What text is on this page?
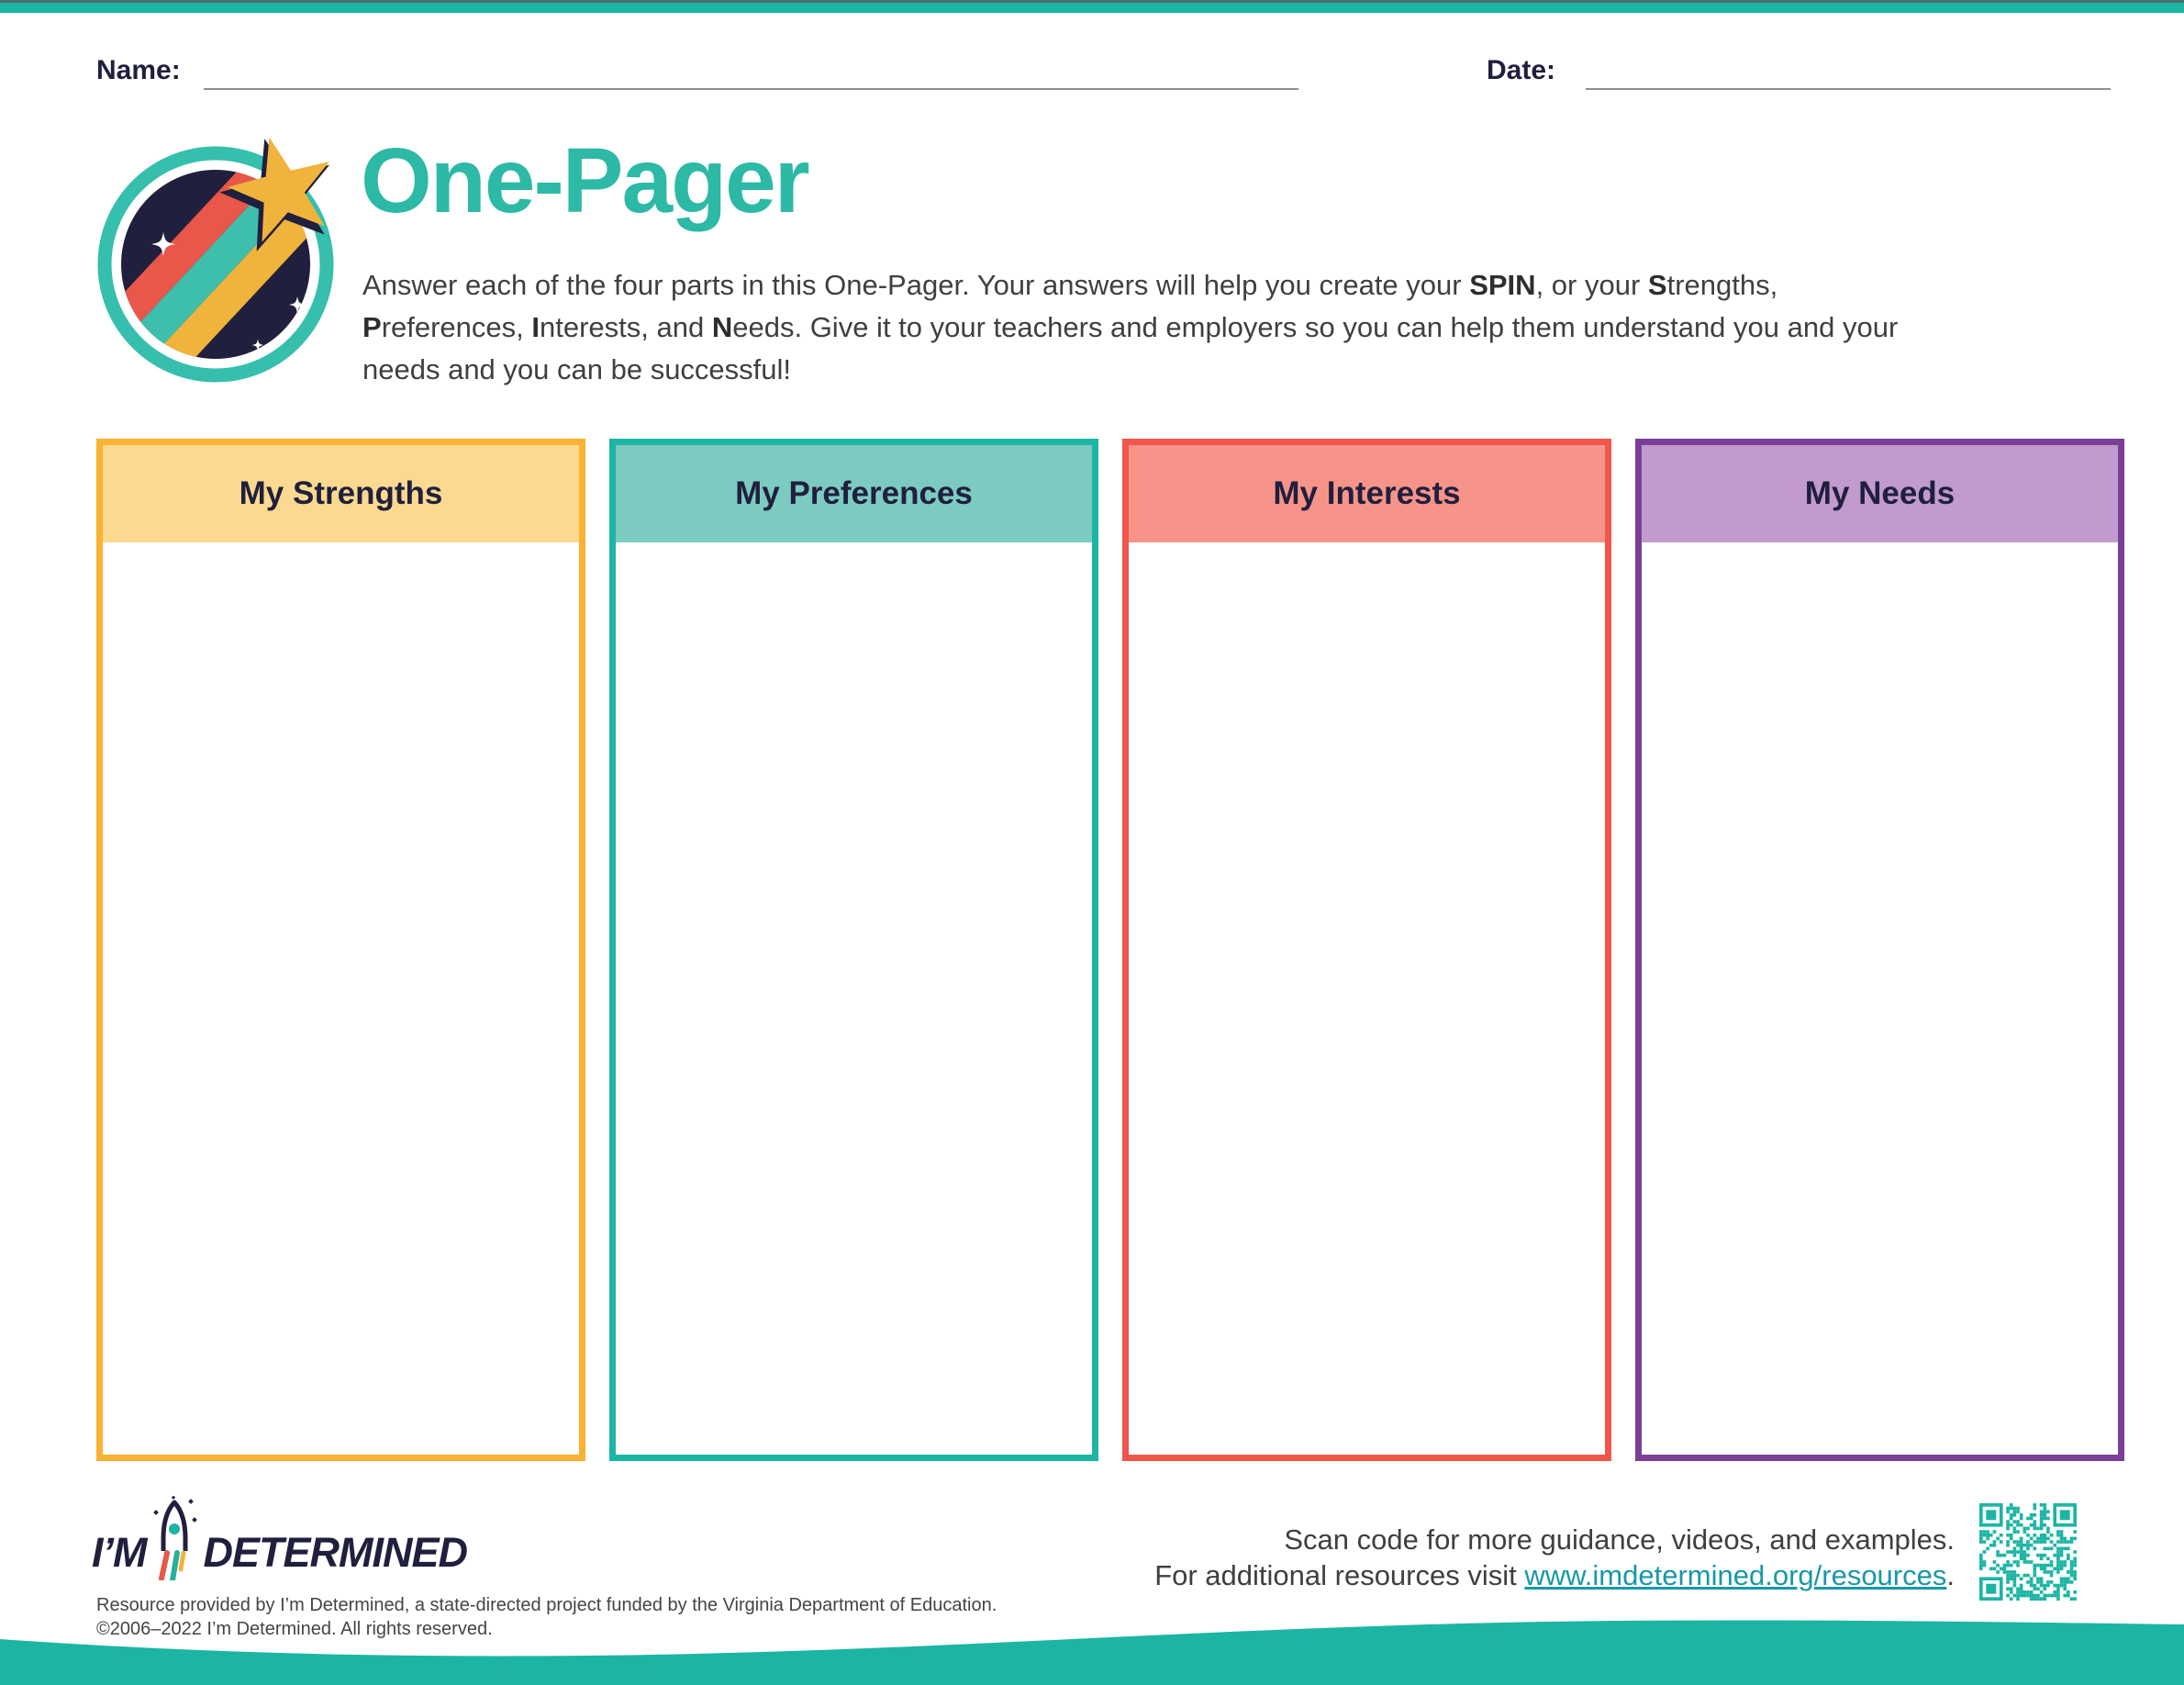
Name:	Date:
One-Pager

Answer each of the four parts in this One-Pager. Your answers will help you create your SPIN, or your Strengths, Preferences, Interests, and Needs. Give it to your teachers and employers so you can help them understand you and your needs and you can be successful!

My Strengths	My Preferences	My Interests	My Needs
I’M DETERMINED
Resource provided by I’m Determined, a state-directed project funded by the Virginia Department of Education.
©2006–2022 I’m Determined. All rights reserved.
Scan code for more guidance, videos, and examples.
For additional resources visit www.imdetermined.org/resources.
